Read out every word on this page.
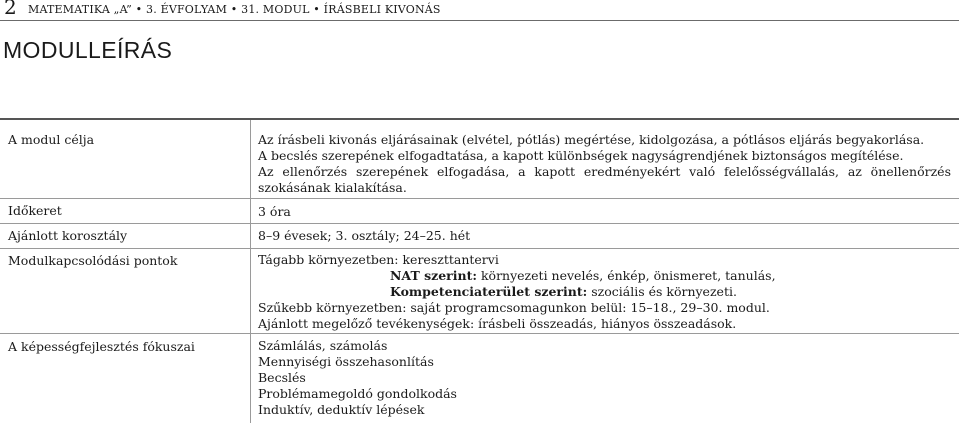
2 MATEMATIKA „A” • 3. ÉVFOLYAM • 31. MODUL • ÍRÁSBELI KIVONÁS
MODULLEÍRÁS
A modul célja
Időkeret
Ajánlott korosztály
Modulkapcsolódási pontok
A képességfejlesztés fókuszai
Az írásbeli kivonás eljárásainak (elvétel, pótlás) megértése, kidolgozása, a pótlásos eljárás begyakorlása.
A becslés szerepének elfogadtatása, a kapott különbségek nagyságrendjének biztonságos megítélése.
Az ellenőrzés szerepének elfogadása, a kapott eredményekért való felelősségvállalás, az önellenőrzés szokásának kialakítása.
3 óra
8–9 évesek; 3. osztály; 24–25. hét
Tágabb környezetben: kereszttantervi
NAT szerint: környezeti nevelés, énkép, önismeret, tanulás,
Kompetenciaterület szerint: szociális és környezeti.
Szűkebb környezetben: saját programcsomagunkon belül: 15–18., 29–30. modul.
Ajánlott megelőző tevékenységek: írásbeli összeadás, hiányos összeadások.
Számlálás, számolás
Mennyiségi összehasonlítás
Becslés
Problémamegoldó gondolkodás
Induktív, deduktív lépések
